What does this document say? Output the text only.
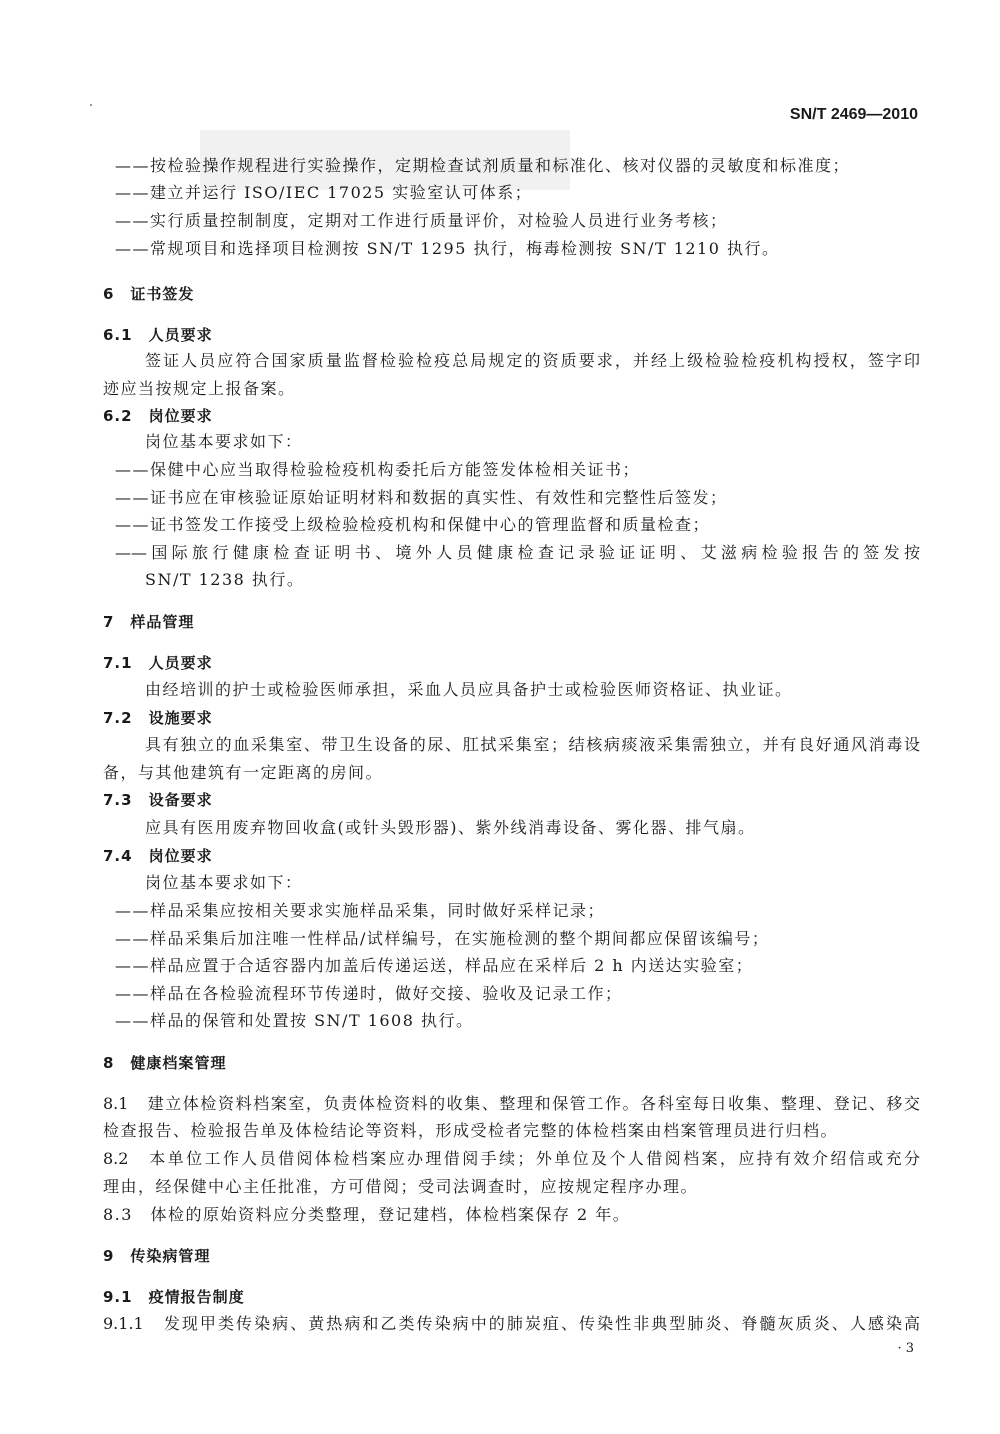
SN/T 2469—2010
——按检验操作规程进行实验操作，定期检查试剂质量和标准化、核对仪器的灵敏度和标准度；
——建立并运行 ISO/IEC 17025 实验室认可体系；
——实行质量控制制度，定期对工作进行质量评价，对检验人员进行业务考核；
——常规项目和选择项目检测按 SN/T 1295 执行，梅毒检测按 SN/T 1210 执行。
6　证书签发
6.1　人员要求
签证人员应符合国家质量监督检验检疫总局规定的资质要求，并经上级检验检疫机构授权，签字印
迹应当按规定上报备案。
6.2　岗位要求
岗位基本要求如下：
——保健中心应当取得检验检疫机构委托后方能签发体检相关证书；
——证书应在审核验证原始证明材料和数据的真实性、有效性和完整性后签发；
——证书签发工作接受上级检验检疫机构和保健中心的管理监督和质量检查；
——国际旅行健康检查证明书、境外人员健康检查记录验证证明、艾滋病检验报告的签发按
SN/T 1238 执行。
7　样品管理
7.1　人员要求
由经培训的护士或检验医师承担，采血人员应具备护士或检验医师资格证、执业证。
7.2　设施要求
具有独立的血采集室、带卫生设备的尿、肛拭采集室；结核病痰液采集需独立，并有良好通风消毒设
备，与其他建筑有一定距离的房间。
7.3　设备要求
应具有医用废弃物回收盒(或针头毁形器)、紫外线消毒设备、雾化器、排气扇。
7.4　岗位要求
岗位基本要求如下：
——样品采集应按相关要求实施样品采集，同时做好采样记录；
——样品采集后加注唯一性样品/试样编号，在实施检测的整个期间都应保留该编号；
——样品应置于合适容器内加盖后传递运送，样品应在采样后 2 h 内送达实验室；
——样品在各检验流程环节传递时，做好交接、验收及记录工作；
——样品的保管和处置按 SN/T 1608 执行。
8　健康档案管理
8.1　建立体检资料档案室，负责体检资料的收集、整理和保管工作。各科室每日收集、整理、登记、移交
检查报告、检验报告单及体检结论等资料，形成受检者完整的体检档案由档案管理员进行归档。
8.2　本单位工作人员借阅体检档案应办理借阅手续；外单位及个人借阅档案，应持有效介绍信或充分
理由，经保健中心主任批准，方可借阅；受司法调查时，应按规定程序办理。
8.3　体检的原始资料应分类整理，登记建档，体检档案保存 2 年。
9　传染病管理
9.1　疫情报告制度
9.1.1　发现甲类传染病、黄热病和乙类传染病中的肺炭疽、传染性非典型肺炎、脊髓灰质炎、人感染高
· 3
